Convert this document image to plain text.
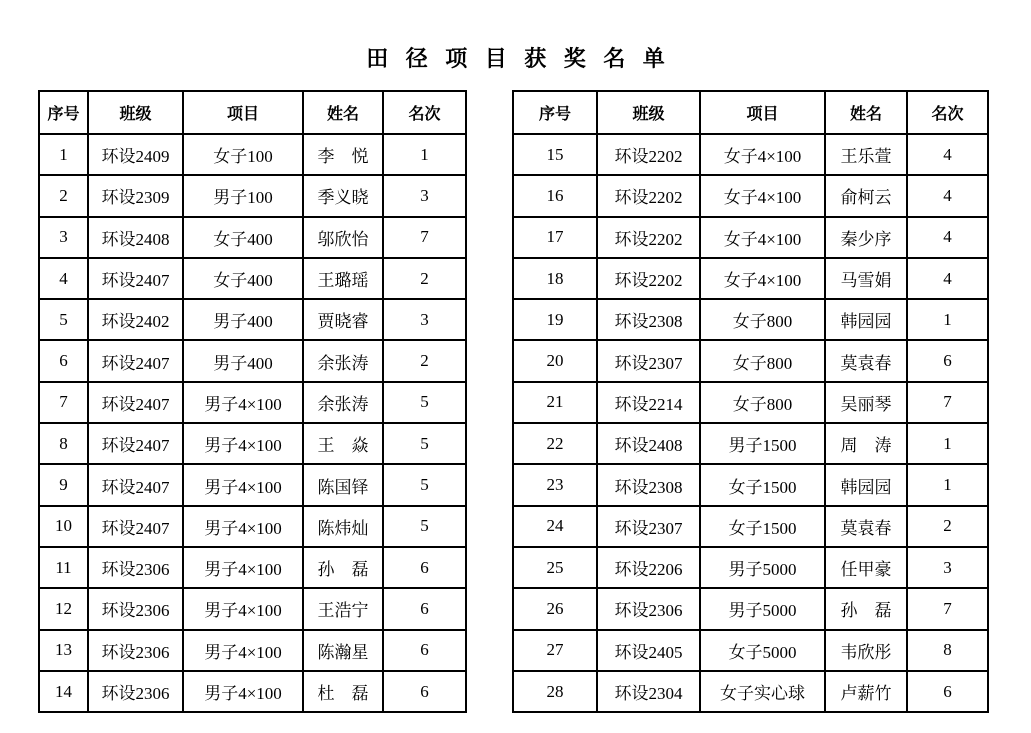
田 径 项 目 获 奖 名 单
序号	班级	项目	姓名	名次
1	环设2409	女子100	李　悦	1
2	环设2309	男子100	季义晓	3
3	环设2408	女子400	邬欣怡	7
4	环设2407	女子400	王璐瑶	2
5	环设2402	男子400	贾晓睿	3
6	环设2407	男子400	余张涛	2
7	环设2407	男子4×100	余张涛	5
8	环设2407	男子4×100	王　焱	5
9	环设2407	男子4×100	陈国铎	5
10	环设2407	男子4×100	陈炜灿	5
11	环设2306	男子4×100	孙　磊	6
12	环设2306	男子4×100	王浩宁	6
13	环设2306	男子4×100	陈瀚星	6
14	环设2306	男子4×100	杜　磊	6
序号	班级	项目	姓名	名次
15	环设2202	女子4×100	王乐萱	4
16	环设2202	女子4×100	俞柯云	4
17	环设2202	女子4×100	秦少序	4
18	环设2202	女子4×100	马雪娟	4
19	环设2308	女子800	韩园园	1
20	环设2307	女子800	莫袁春	6
21	环设2214	女子800	吴丽琴	7
22	环设2408	男子1500	周　涛	1
23	环设2308	女子1500	韩园园	1
24	环设2307	女子1500	莫袁春	2
25	环设2206	男子5000	任甲豪	3
26	环设2306	男子5000	孙　磊	7
27	环设2405	女子5000	韦欣彤	8
28	环设2304	女子实心球	卢薪竹	6
